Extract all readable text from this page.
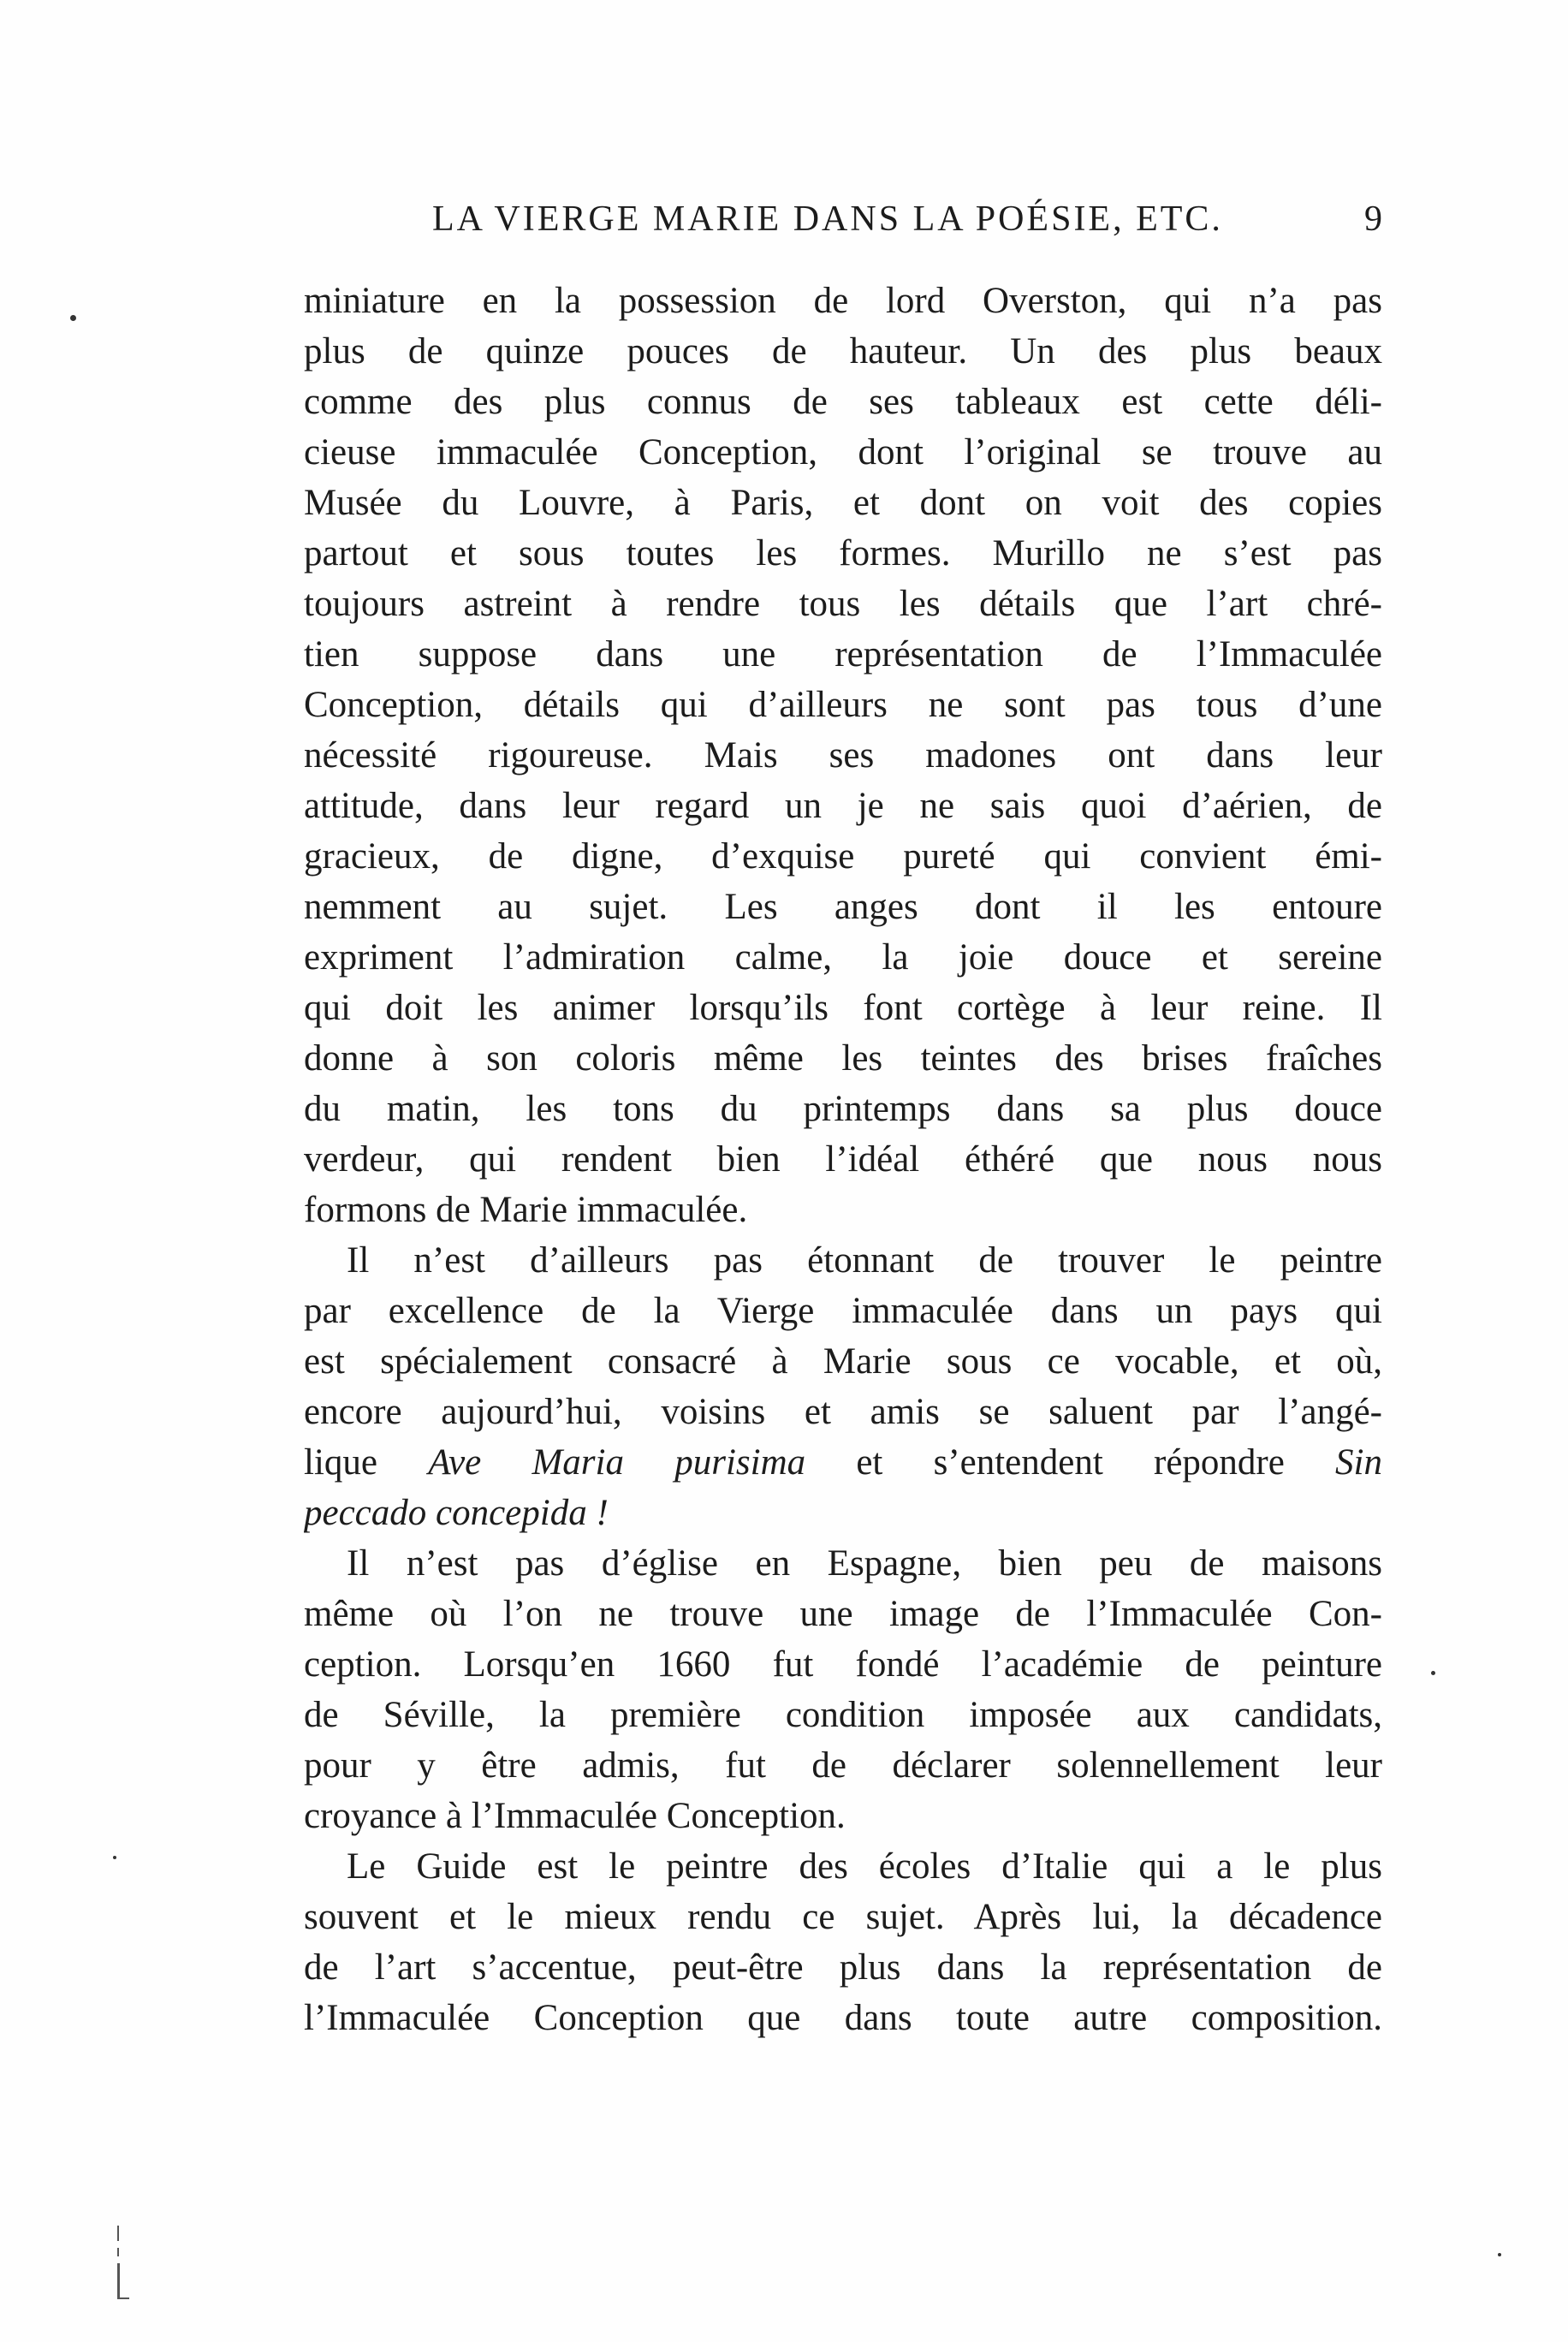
LA VIERGE MARIE DANS LA POÉSIE, ETC.	9
miniature en la possession de lord Overston, qui n’a pas
plus de quinze pouces de hauteur. Un des plus beaux
comme des plus connus de ses tableaux est cette déli-
cieuse immaculée Conception, dont l’original se trouve au
Musée du Louvre, à Paris, et dont on voit des copies
partout et sous toutes les formes. Murillo ne s’est pas
toujours astreint à rendre tous les détails que l’art chré-
tien suppose dans une représentation de l’Immaculée
Conception, détails qui d’ailleurs ne sont pas tous d’une
nécessité rigoureuse. Mais ses madones ont dans leur
attitude, dans leur regard un je ne sais quoi d’aérien, de
gracieux, de digne, d’exquise pureté qui convient émi-
nemment au sujet. Les anges dont il les entoure
expriment l’admiration calme, la joie douce et sereine
qui doit les animer lorsqu’ils font cortège à leur reine. Il
donne à son coloris même les teintes des brises fraîches
du matin, les tons du printemps dans sa plus douce
verdeur, qui rendent bien l’idéal éthéré que nous nous
formons de Marie immaculée.
Il n’est d’ailleurs pas étonnant de trouver le peintre
par excellence de la Vierge immaculée dans un pays qui
est spécialement consacré à Marie sous ce vocable, et où,
encore aujourd’hui, voisins et amis se saluent par l’angé-
lique Ave Maria purisima et s’entendent répondre Sin
peccado concepida !
Il n’est pas d’église en Espagne, bien peu de maisons
même où l’on ne trouve une image de l’Immaculée Con-
ception. Lorsqu’en 1660 fut fondé l’académie de peinture
de Séville, la première condition imposée aux candidats,
pour y être admis, fut de déclarer solennellement leur
croyance à l’Immaculée Conception.
Le Guide est le peintre des écoles d’Italie qui a le plus
souvent et le mieux rendu ce sujet. Après lui, la décadence
de l’art s’accentue, peut-être plus dans la représentation de
l’Immaculée Conception que dans toute autre composition.
